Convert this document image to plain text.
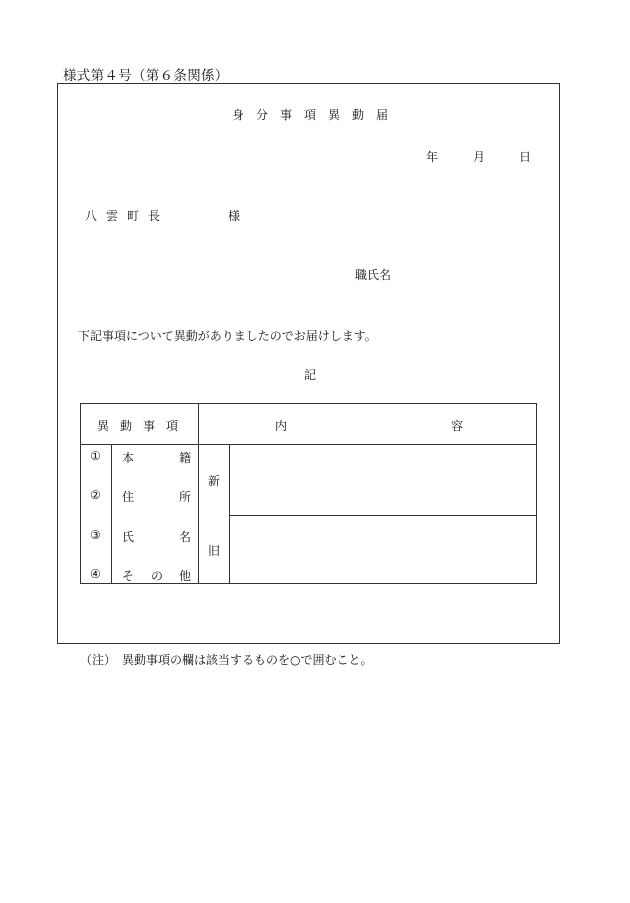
様式第４号（第６条関係）
身分事項異動届
年	月	日
八雲町長	様
職氏名
下記事項について異動がありましたのでお届けします。
記
異動事項	内	容
① 本	籍
② 住	所
③ 氏	名
④ そ の 他
新
旧
（注）　異動事項の欄は該当するものを○で囲むこと。
